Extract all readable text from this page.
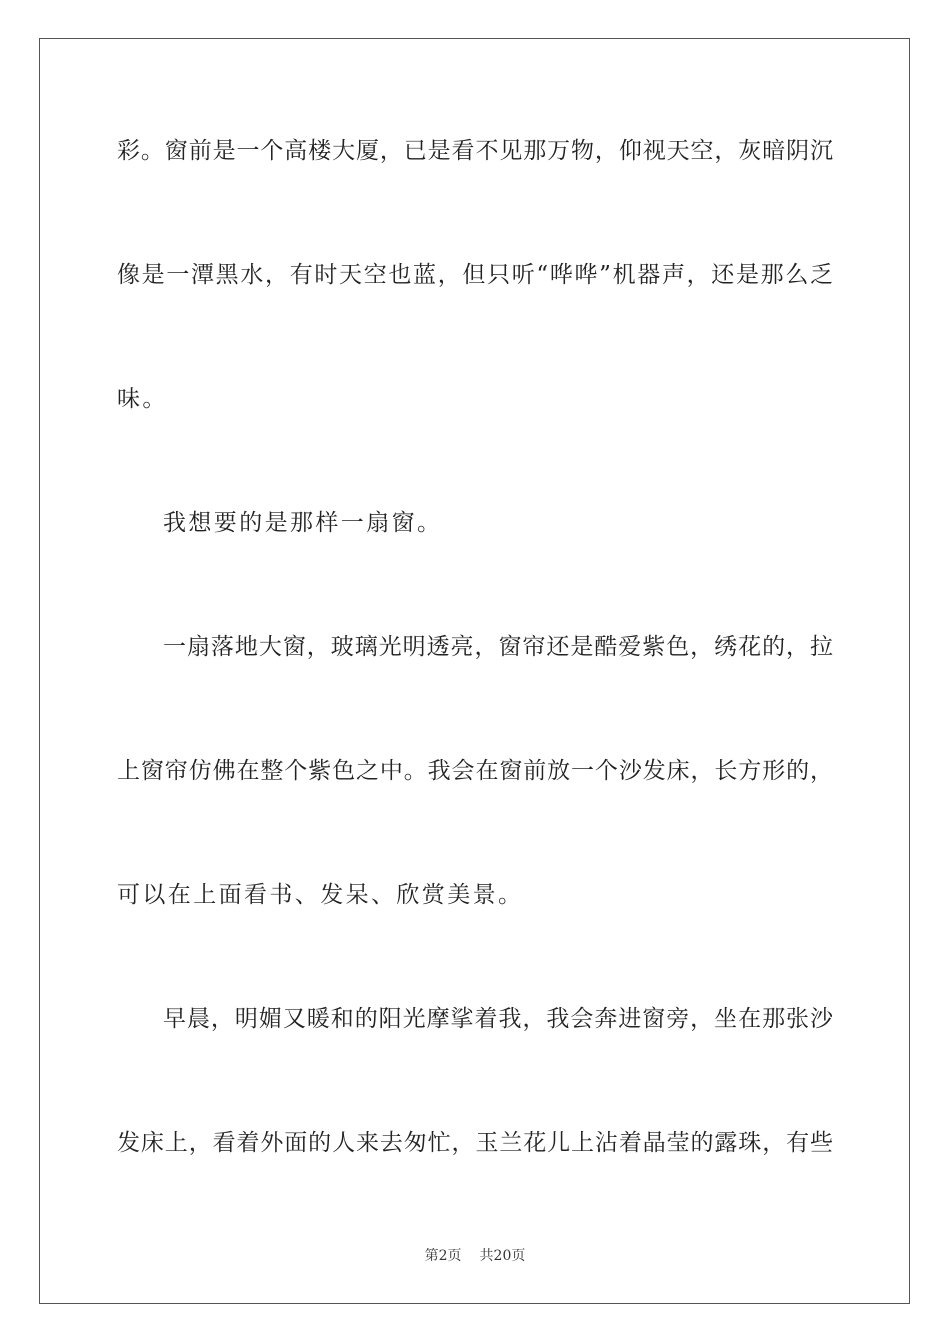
彩。窗前是一个高楼大厦，已是看不见那万物，仰视天空，灰暗阴沉
像是一潭黑水，有时天空也蓝，但只听“哗哗”机器声，还是那么乏
味。
我想要的是那样一扇窗。
一扇落地大窗，玻璃光明透亮，窗帘还是酷爱紫色，绣花的，拉
上窗帘仿佛在整个紫色之中。我会在窗前放一个沙发床，长方形的，
可以在上面看书、发呆、欣赏美景。
早晨，明媚又暖和的阳光摩挲着我，我会奔进窗旁，坐在那张沙
发床上，看着外面的人来去匆忙，玉兰花儿上沾着晶莹的露珠，有些
第2页 共20页
